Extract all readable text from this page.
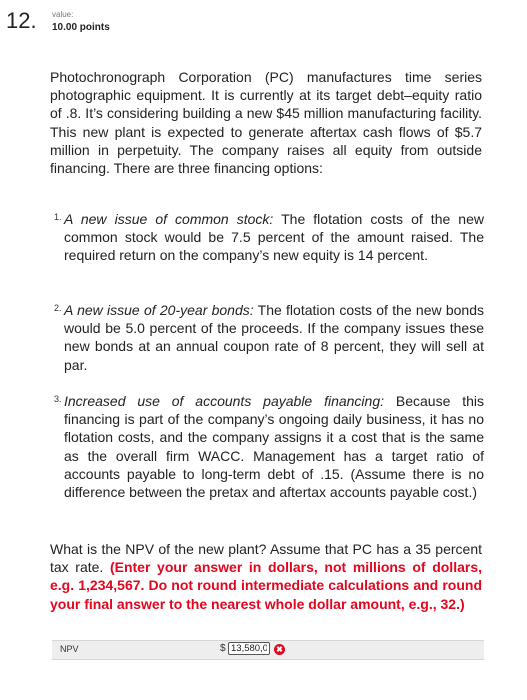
12. value:
10.00 points

Photochronograph Corporation (PC) manufactures time series photographic equipment. It is currently at its target debt–equity ratio of .8. It’s considering building a new $45 million manufacturing facility. This new plant is expected to generate aftertax cash flows of $5.7 million in perpetuity. The company raises all equity from outside financing. There are three financing options:

1. A new issue of common stock: The flotation costs of the new common stock would be 7.5 percent of the amount raised. The required return on the company’s new equity is 14 percent.

2. A new issue of 20-year bonds: The flotation costs of the new bonds would be 5.0 percent of the proceeds. If the company issues these new bonds at an annual coupon rate of 8 percent, they will sell at par.

3. Increased use of accounts payable financing: Because this financing is part of the company’s ongoing daily business, it has no flotation costs, and the company assigns it a cost that is the same as the overall firm WACC. Management has a target ratio of accounts payable to long-term debt of .15. (Assume there is no difference between the pretax and aftertax accounts payable cost.)

What is the NPV of the new plant? Assume that PC has a 35 percent tax rate. (Enter your answer in dollars, not millions of dollars, e.g. 1,234,567. Do not round intermediate calculations and round your final answer to the nearest whole dollar amount, e.g., 32.)

NPV	$
13,580,0	✖
